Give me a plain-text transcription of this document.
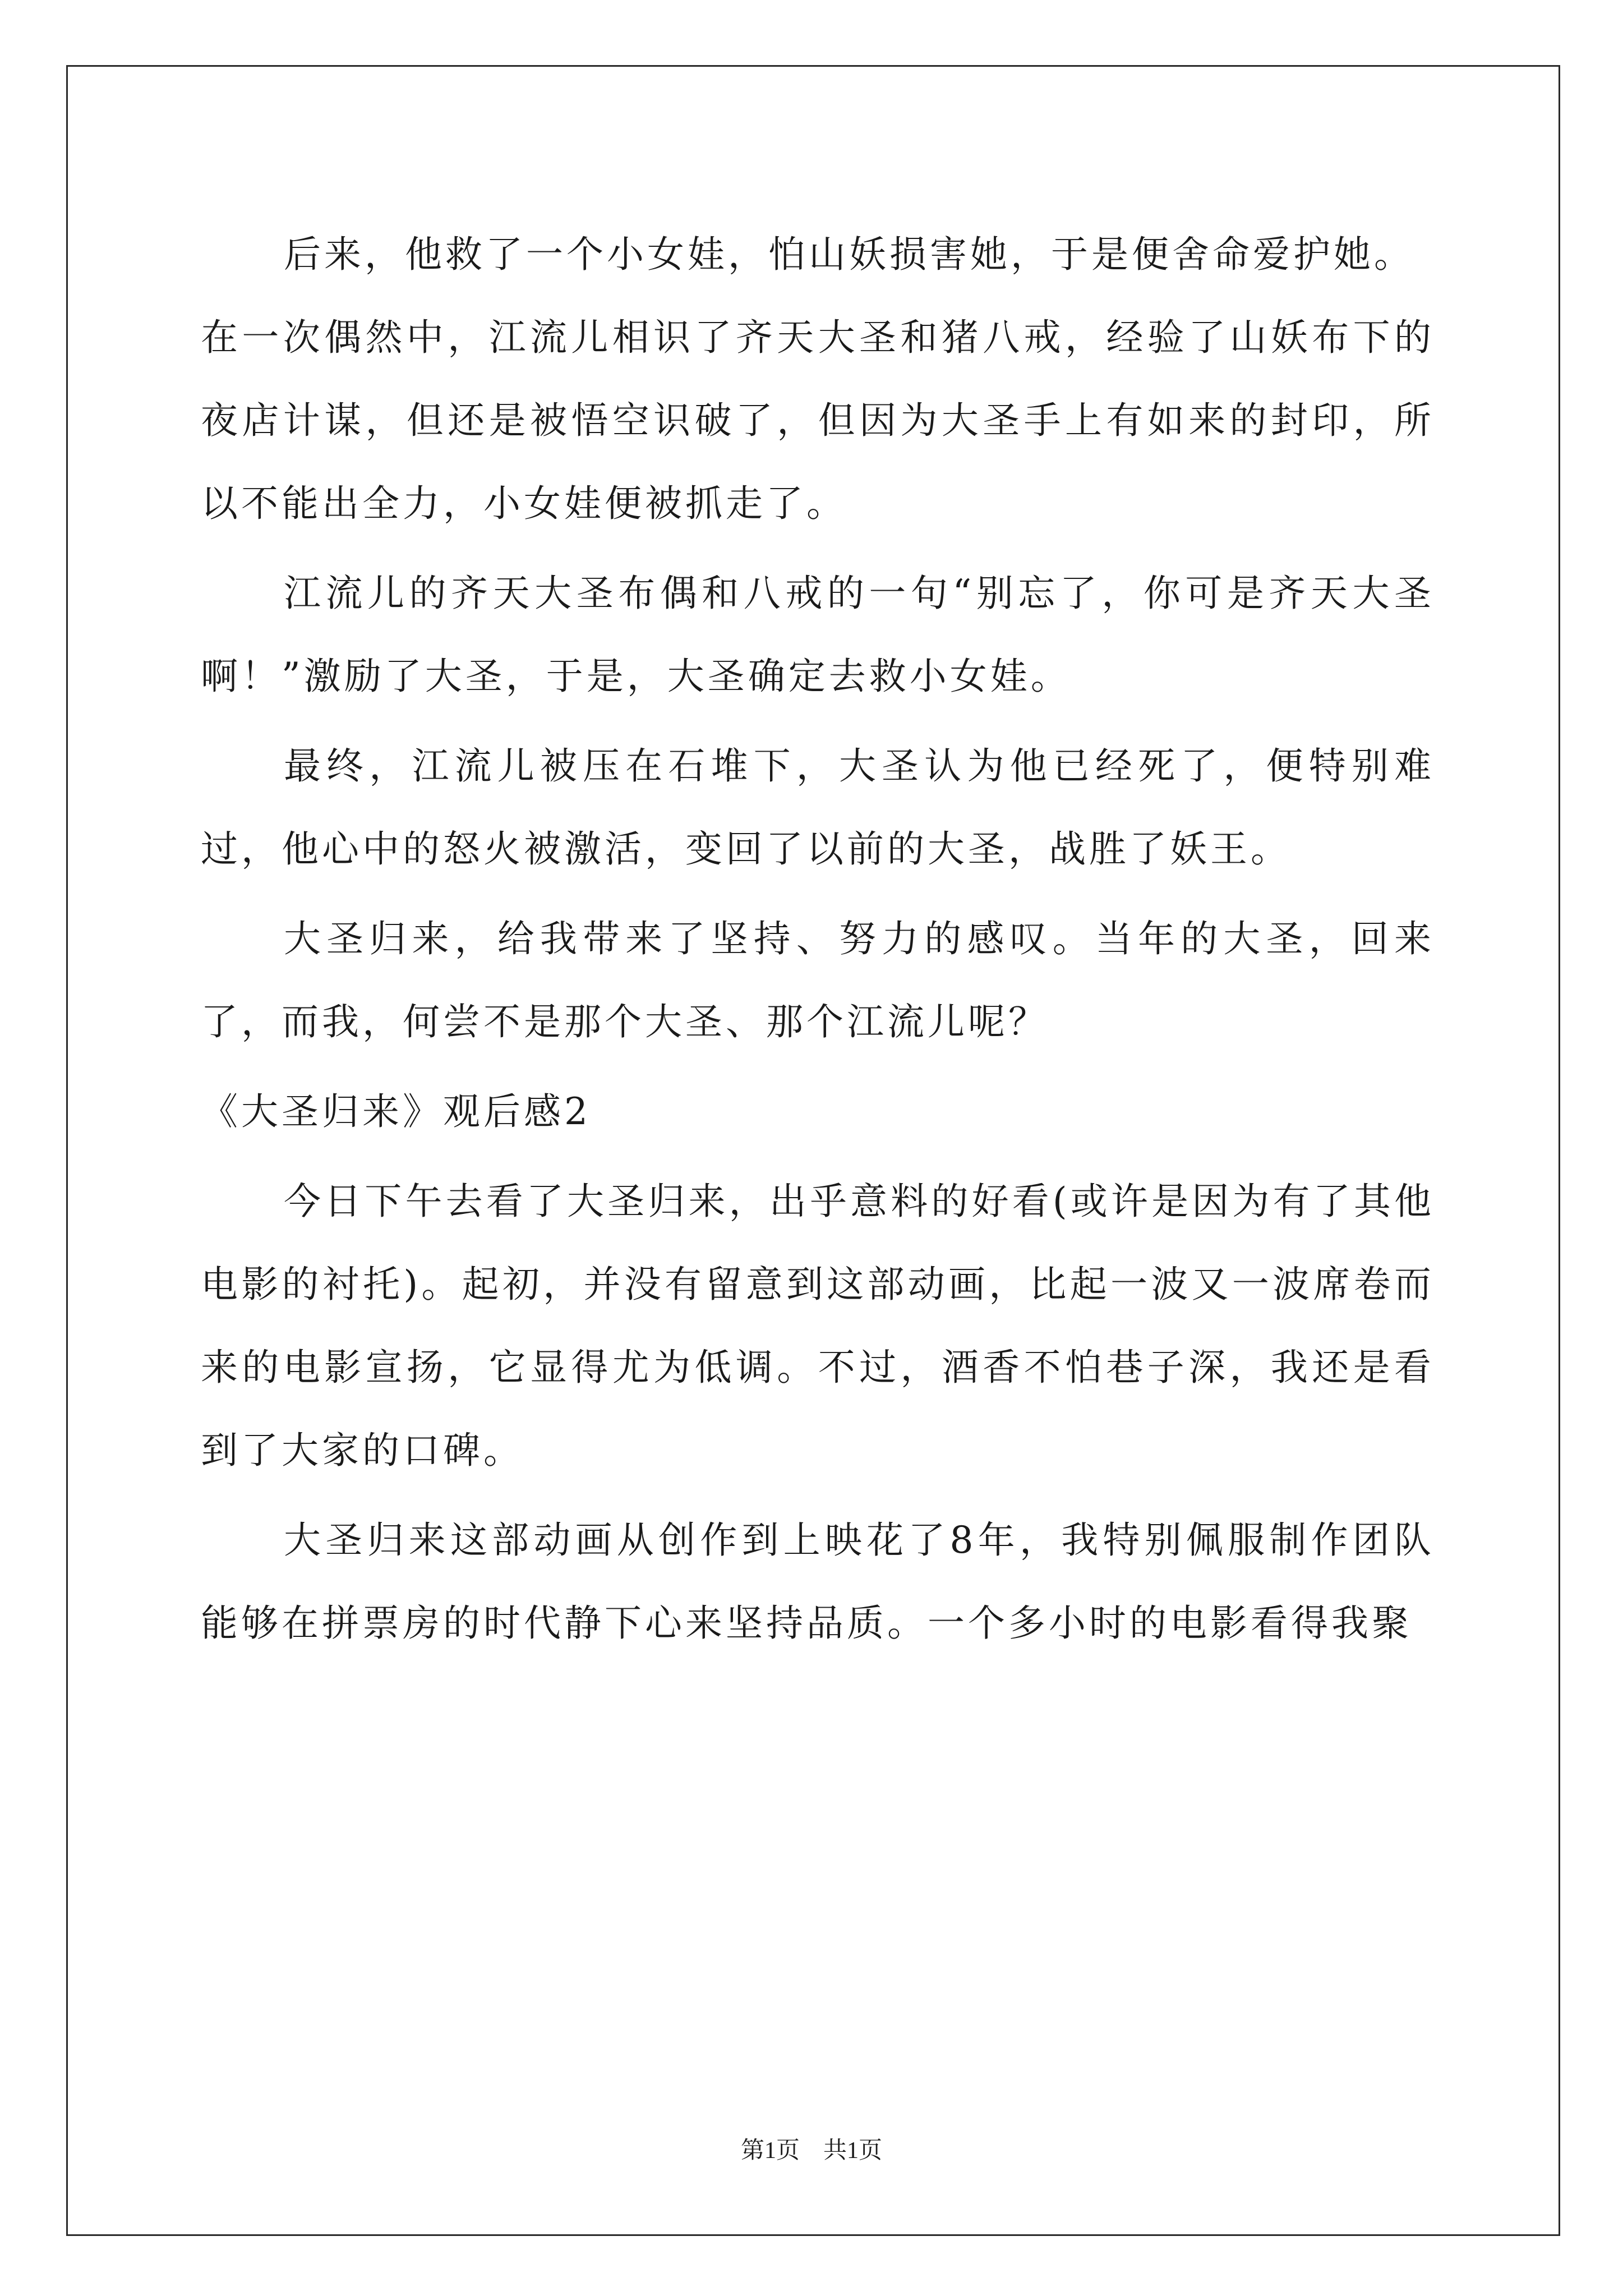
后来，他救了一个小女娃，怕山妖损害她，于是便舍命爱护她。

在一次偶然中，江流儿相识了齐天大圣和猪八戒，经验了山妖布下的夜店计谋，但还是被悟空识破了，但因为大圣手上有如来的封印，所以不能出全力，小女娃便被抓走了。

江流儿的齐天大圣布偶和八戒的一句“别忘了，你可是齐天大圣啊！”激励了大圣，于是，大圣确定去救小女娃。

最终，江流儿被压在石堆下，大圣认为他已经死了，便特别难过，他心中的怒火被激活，变回了以前的大圣，战胜了妖王。

大圣归来，给我带来了坚持、努力的感叹。当年的大圣，回来了，而我，何尝不是那个大圣、那个江流儿呢？

《大圣归来》观后感2

今日下午去看了大圣归来，出乎意料的好看(或许是因为有了其他电影的衬托)。起初，并没有留意到这部动画，比起一波又一波席卷而来的电影宣扬，它显得尤为低调。不过，酒香不怕巷子深，我还是看到了大家的口碑。

大圣归来这部动画从创作到上映花了8年，我特别佩服制作团队能够在拼票房的时代静下心来坚持品质。一个多小时的电影看得我聚

第1页　共1页
